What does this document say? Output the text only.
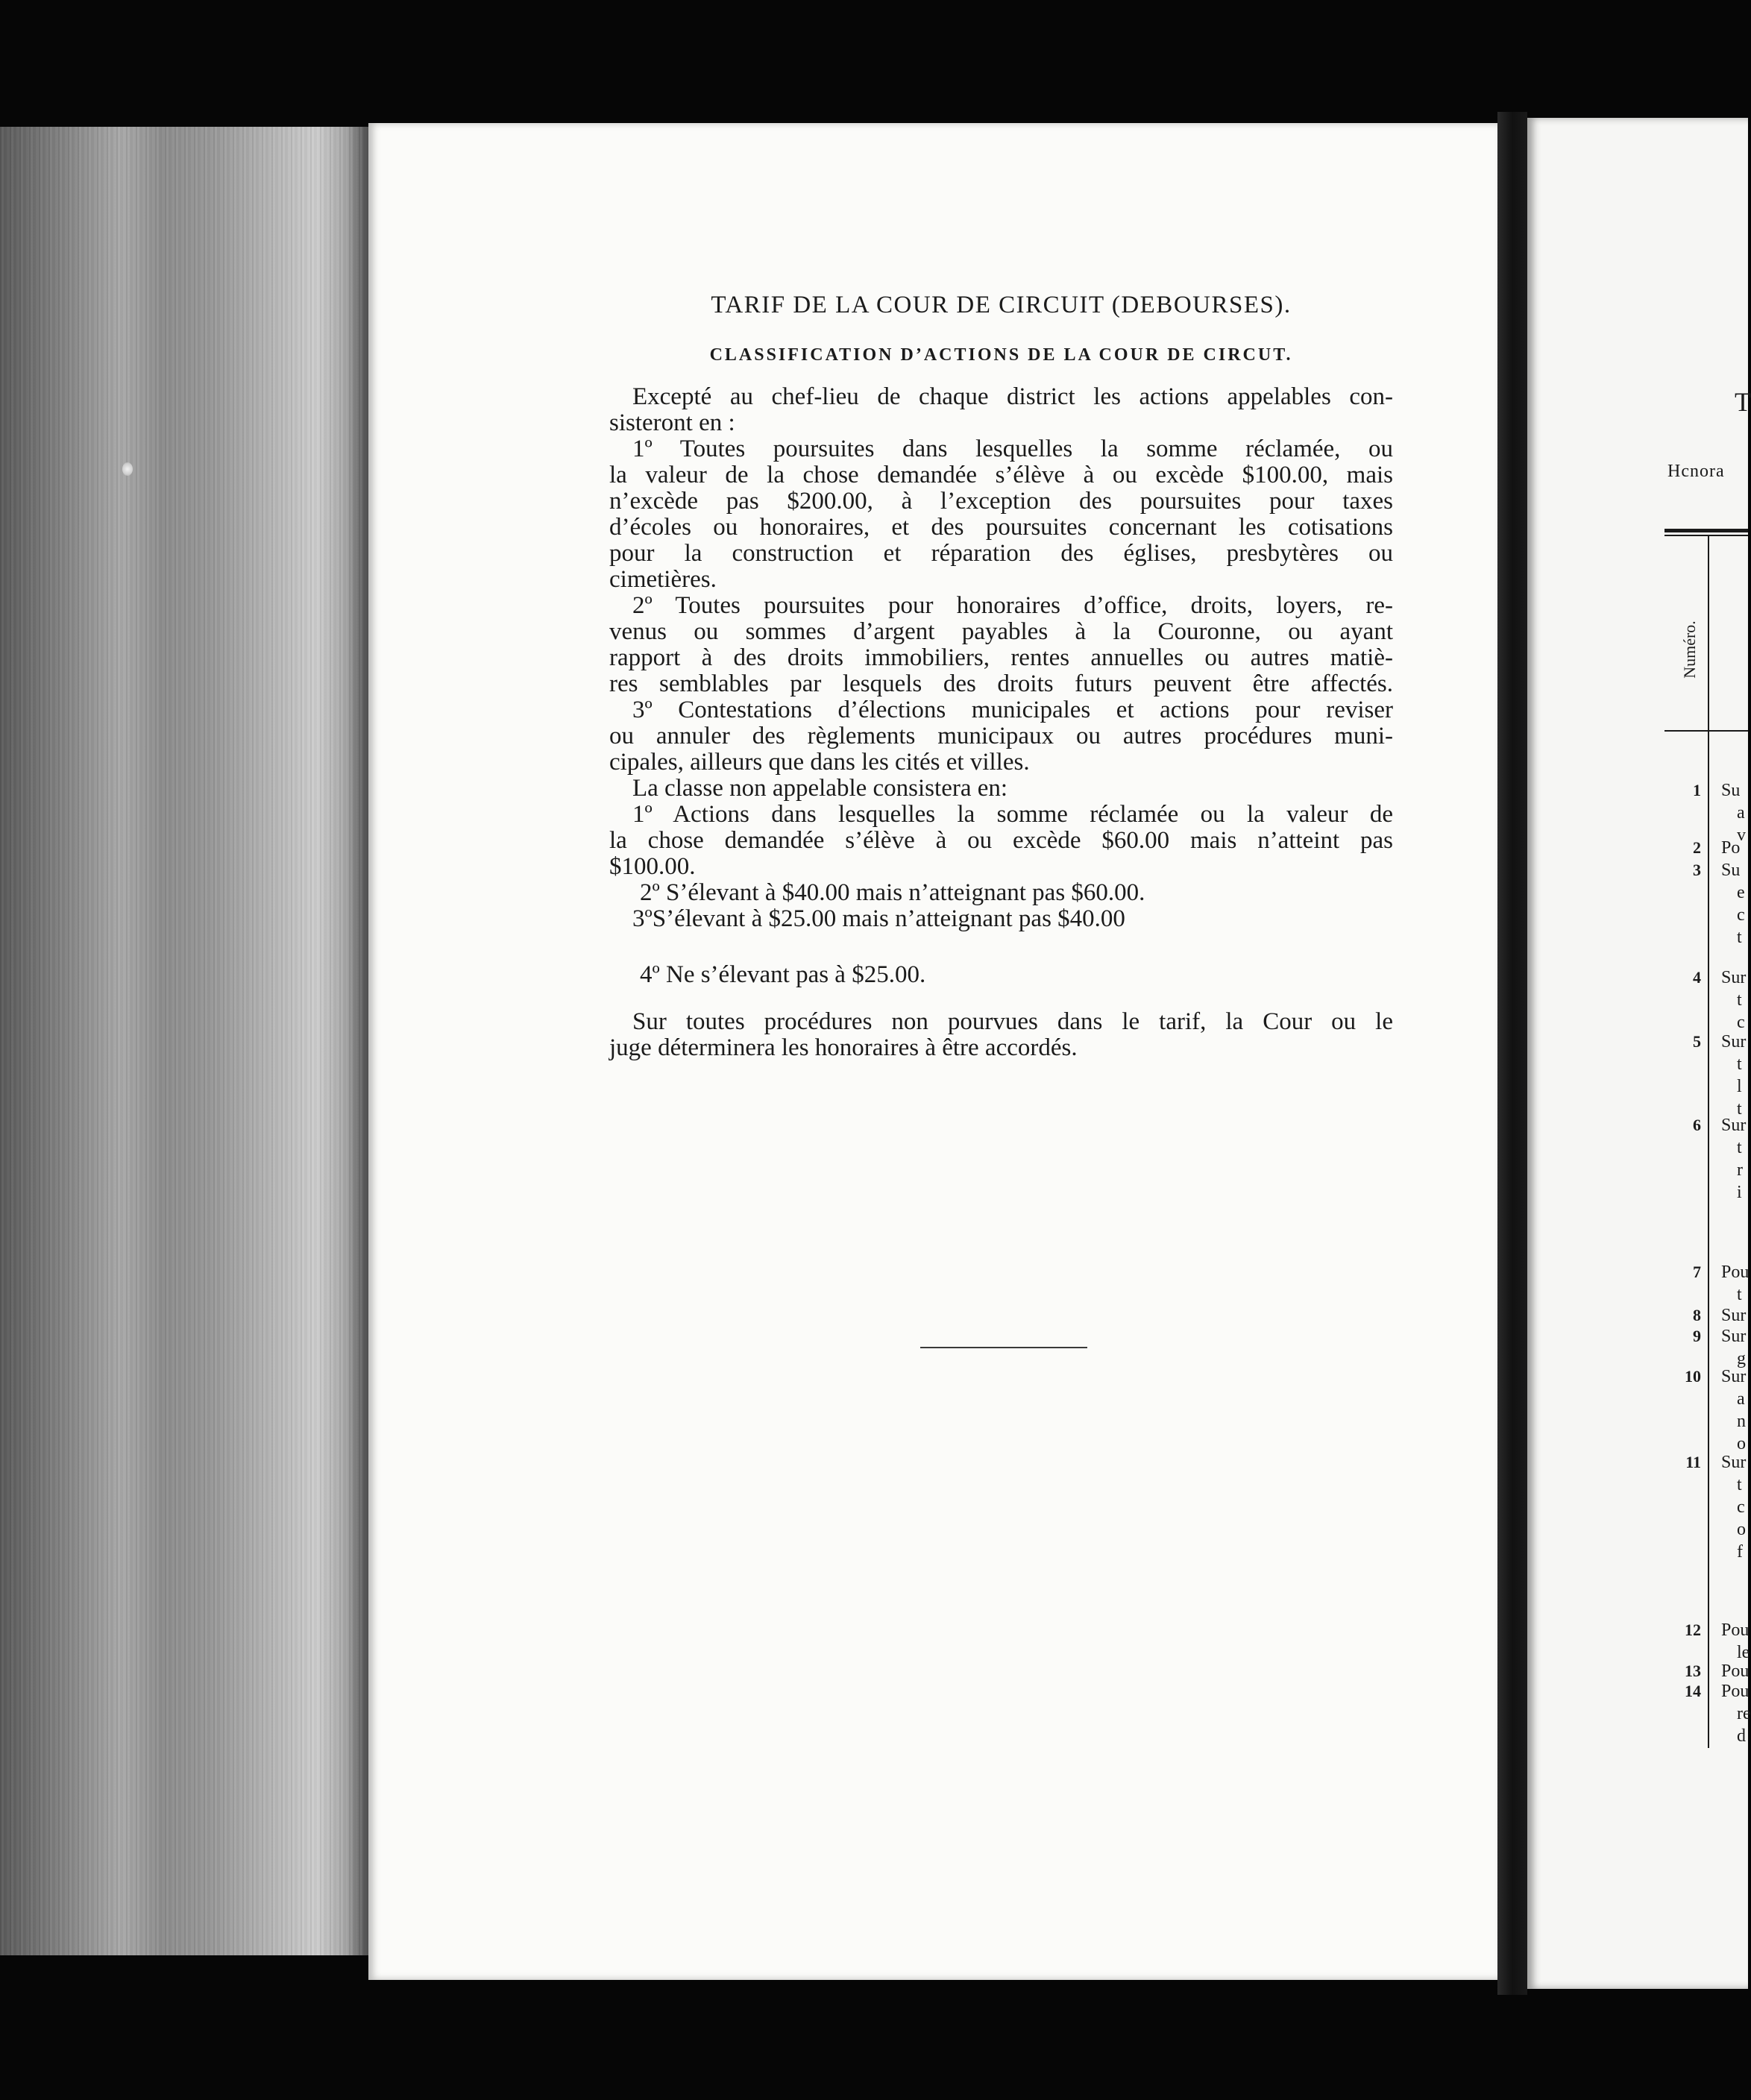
TARIF DE LA COUR DE CIRCUIT (DEBOURSES).
CLASSIFICATION D’ACTIONS DE LA COUR DE CIRCUT.
Excepté au chef-lieu de chaque district les actions appelables con-
sisteront en :
1º Toutes poursuites dans lesquelles la somme réclamée, ou
la valeur de la chose demandée s’élève à ou excède $100.00, mais
n’excède pas $200.00, à l’exception des poursuites pour taxes
d’écoles ou honoraires, et des poursuites concernant les cotisations
pour la construction et réparation des églises, presbytères ou
cimetières.
2º Toutes poursuites pour honoraires d’office, droits, loyers, re-
venus ou sommes d’argent payables à la Couronne, ou ayant
rapport à des droits immobiliers, rentes annuelles ou autres matiè-
res semblables par lesquels des droits futurs peuvent être affectés.
3º Contestations d’élections municipales et actions pour reviser
ou annuler des règlements municipaux ou autres procédures muni-
cipales, ailleurs que dans les cités et villes.
La classe non appelable consistera en:
1º Actions dans lesquelles la somme réclamée ou la valeur de
la chose demandée s’élève à ou excède $60.00 mais n’atteint pas
$100.00.
2º S’élevant à $40.00 mais n’atteignant pas $60.00.
3ºS’élevant à $25.00 mais n’atteignant pas $40.00
4º Ne s’élevant pas à $25.00.
Sur toutes procédures non pourvues dans le tarif, la Cour ou le
juge déterminera les honoraires à être accordés.
T
Hcnora
Numéro.
1 Su
a
v
2 Po
3 Su
e
c
t
4 Sur
t
c
5 Sur
t
l
t
6 Sur
t
r
i
7 Pou
t
8 Sur
9 Sur
g
10 Sur
a
n
o
11 Sur
t
c
o
f
12 Pou
le
13 Pou
14 Pou
re
d
